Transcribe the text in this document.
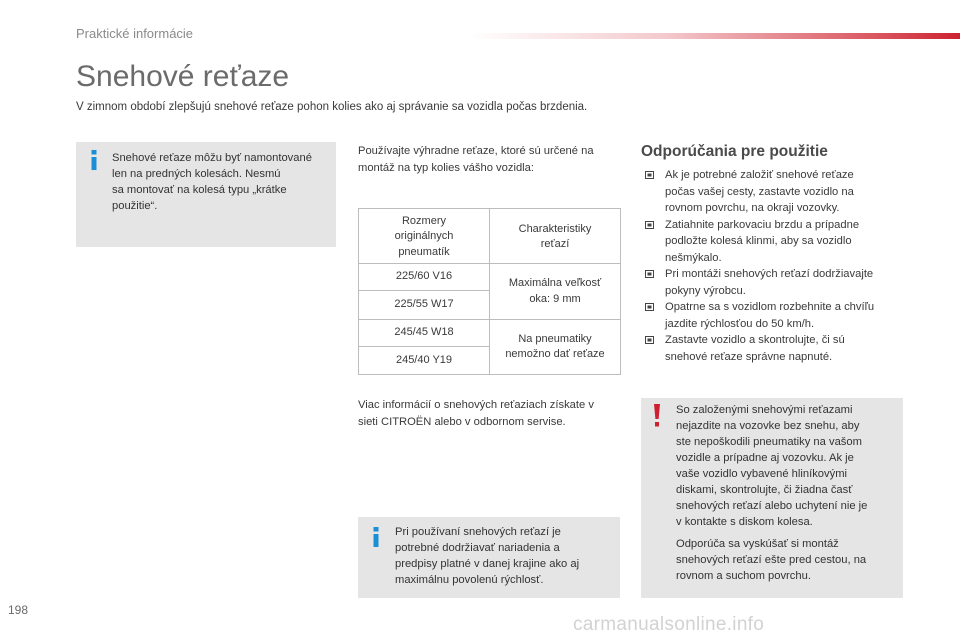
Praktické informácie
Snehové reťaze

V zimnom období zlepšujú snehové reťaze pohon kolies ako aj správanie sa vozidla počas brzdenia.

Snehové reťaze môžu byť namontované
len na predných kolesách. Nesmú
sa montovať na kolesá typu „krátke
použitie“.
Používajte výhradne reťaze, ktoré sú určené na
montáž na typ kolies vášho vozidla:
Rozmery
originálnych
pneumatík
Charakteristiky
reťazí
225/60 V16
225/55 W17
245/45 W18
245/40 Y19
Maximálna veľkosť
oka: 9 mm
Na pneumatiky
nemožno dať reťaze
Viac informácií o snehových reťaziach získate v
sieti CITROËN alebo v odbornom servise.
Pri používaní snehových reťazí je
potrebné dodržiavať nariadenia a
predpisy platné v danej krajine ako aj
maximálnu povolenú rýchlosť.
Odporúčania pre použitie
Ak je potrebné založiť snehové reťaze
počas vašej cesty, zastavte vozidlo na
rovnom povrchu, na okraji vozovky.
Zatiahnite parkovaciu brzdu a prípadne
podložte kolesá klinmi, aby sa vozidlo
nešmýkalo.
Pri montáži snehových reťazí dodržiavajte
pokyny výrobcu.
Opatrne sa s vozidlom rozbehnite a chvíľu
jazdite rýchlosťou do 50 km/h.
Zastavte vozidlo a skontrolujte, či sú
snehové reťaze správne napnuté.
So založenými snehovými reťazami
nejazdite na vozovke bez snehu, aby
ste nepoškodili pneumatiky na vašom
vozidle a prípadne aj vozovku. Ak je
vaše vozidlo vybavené hliníkovými
diskami, skontrolujte, či žiadna časť
snehových reťazí alebo uchytení nie je
v kontakte s diskom kolesa.
Odporúča sa vyskúšať si montáž
snehových reťazí ešte pred cestou, na
rovnom a suchom povrchu.
198
carmanualsonline.info
